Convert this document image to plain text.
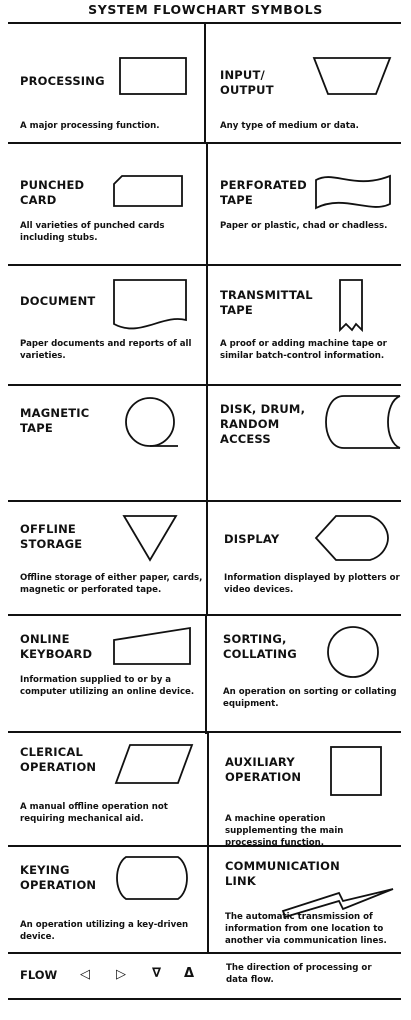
SYSTEM FLOWCHART SYMBOLS
PROCESSING
A major processing function.
INPUT/
OUTPUT
Any type of medium or data.
PUNCHED
CARD
All varieties of punched cards including stubs.
PERFORATED
TAPE
Paper or plastic, chad or chadless.
DOCUMENT
Paper documents and reports of all varieties.
TRANSMITTAL
TAPE
A proof or adding machine tape or similar batch-control information.
MAGNETIC
TAPE
DISK, DRUM,
RANDOM
ACCESS
OFFLINE
STORAGE
Offline storage of either paper, cards, magnetic or perforated tape.
DISPLAY
Information displayed by plotters or video devices.
ONLINE
KEYBOARD
Information supplied to or by a computer utilizing an online device.
SORTING,
COLLATING
An operation on sorting or collating equipment.
CLERICAL
OPERATION
A manual offline operation not requiring mechanical aid.
AUXILIARY
OPERATION
A machine operation supplementing the main processing function.
KEYING
OPERATION
An operation utilizing a key-driven device.
COMMUNICATION
LINK
The automatic transmission of information from one location to another via communication lines.
FLOW ◁ ▷ ∇ Δ	The direction of processing or data flow.
